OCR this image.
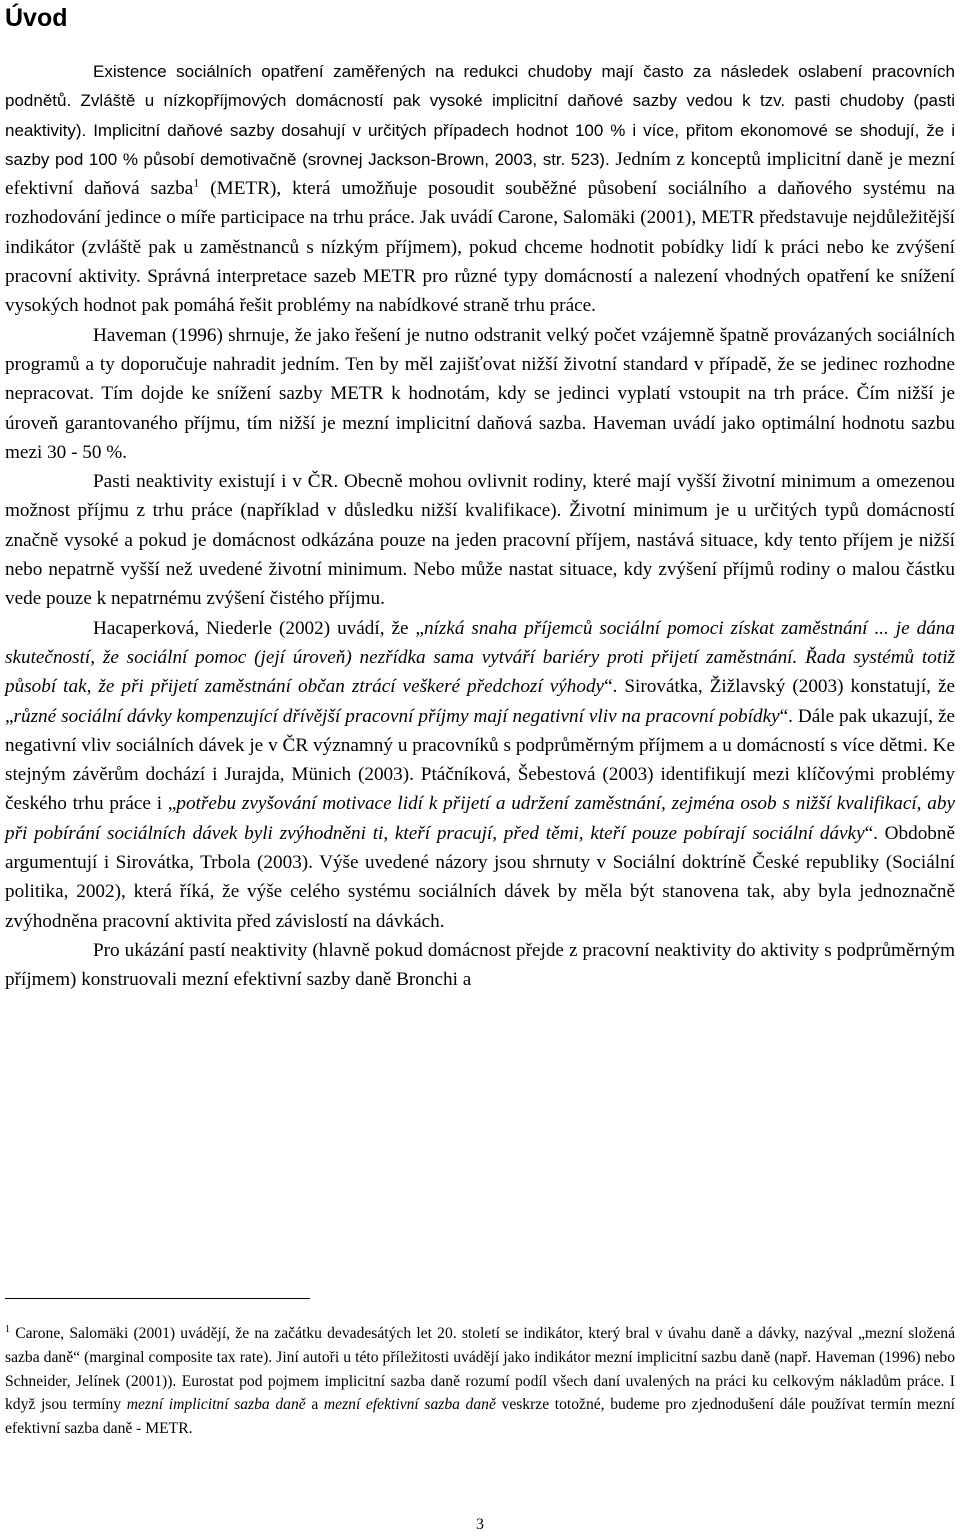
Úvod

Existence sociálních opatření zaměřených na redukci chudoby mají často za následek oslabení pracovních podnětů. Zvláště u nízkopříjmových domácností pak vysoké implicitní daňové sazby vedou k tzv. pasti chudoby (pasti neaktivity). Implicitní daňové sazby dosahují v určitých případech hodnot 100 % i více, přitom ekonomové se shodují, že i sazby pod 100 % působí demotivačně (srovnej Jackson-Brown, 2003, str. 523). Jedním z konceptů implicitní daně je mezní efektivní daňová sazba$^1$ (METR), která umožňuje posoudit souběžné působení sociálního a daňového systému na rozhodování jedince o míře participace na trhu práce. Jak uvádí Carone, Salomäki (2001), METR představuje nejdůležitější indikátor (zvláště pak u zaměstnanců s nízkým příjmem), pokud chceme hodnotit pobídky lidí k práci nebo ke zvýšení pracovní aktivity. Správná interpretace sazeb METR pro různé typy domácností a nalezení vhodných opatření ke snížení vysokých hodnot pak pomáhá řešit problémy na nabídkové straně trhu práce.

Haveman (1996) shrnuje, že jako řešení je nutno odstranit velký počet vzájemně špatně provázaných sociálních programů a ty doporučuje nahradit jedním. Ten by měl zajišťovat nižší životní standard v případě, že se jedinec rozhodne nepracovat. Tím dojde ke snížení sazby METR k hodnotám, kdy se jedinci vyplatí vstoupit na trh práce. Čím nižší je úroveň garantovaného příjmu, tím nižší je mezní implicitní daňová sazba. Haveman uvádí jako optimální hodnotu sazbu mezi 30 - 50 %.

Pasti neaktivity existují i v ČR. Obecně mohou ovlivnit rodiny, které mají vyšší životní minimum a omezenou možnost příjmu z trhu práce (například v důsledku nižší kvalifikace). Životní minimum je u určitých typů domácností značně vysoké a pokud je domácnost odkázána pouze na jeden pracovní příjem, nastává situace, kdy tento příjem je nižší nebo nepatrně vyšší než uvedené životní minimum. Nebo může nastat situace, kdy zvýšení příjmů rodiny o malou částku vede pouze k nepatrnému zvýšení čistého příjmu.

Hacaperková, Niederle (2002) uvádí, že „nízká snaha příjemců sociální pomoci získat zaměstnání ... je dána skutečností, že sociální pomoc (její úroveň) nezřídka sama vytváří bariéry proti přijetí zaměstnání. Řada systémů totiž působí tak, že při přijetí zaměstnání občan ztrácí veškeré předchozí výhody“. Sirovátka, Žižlavský (2003) konstatují, že „různé sociální dávky kompenzující dřívější pracovní příjmy mají negativní vliv na pracovní pobídky“. Dále pak ukazují, že negativní vliv sociálních dávek je v ČR významný u pracovníků s podprůměrným příjmem a u domácností s více dětmi. Ke stejným závěrům dochází i Jurajda, Münich (2003). Ptáčníková, Šebestová (2003) identifikují mezi klíčovými problémy českého trhu práce i „potřebu zvyšování motivace lidí k přijetí a udržení zaměstnání, zejména osob s nižší kvalifikací, aby při pobírání sociálních dávek byli zvýhodněni ti, kteří pracují, před těmi, kteří pouze pobírají sociální dávky“. Obdobně argumentují i Sirovátka, Trbola (2003). Výše uvedené názory jsou shrnuty v Sociální doktríně České republiky (Sociální politika, 2002), která říká, že výše celého systému sociálních dávek by měla být stanovena tak, aby byla jednoznačně zvýhodněna pracovní aktivita před závislostí na dávkách.

Pro ukázání pastí neaktivity (hlavně pokud domácnost přejde z pracovní neaktivity do aktivity s podprůměrným příjmem) konstruovali mezní efektivní sazby daně Bronchi a

$^1$ Carone, Salomäki (2001) uvádějí, že na začátku devadesátých let 20. století se indikátor, který bral v úvahu daně a dávky, nazýval „mezní složená sazba daně“ (marginal composite tax rate). Jiní autoři u této příležitosti uvádějí jako indikátor mezní implicitní sazbu daně (např. Haveman (1996) nebo Schneider, Jelínek (2001)). Eurostat pod pojmem implicitní sazba daně rozumí podíl všech daní uvalených na práci ku celkovým nákladům práce. I když jsou termíny mezní implicitní sazba daně a mezní efektivní sazba daně veskrze totožné, budeme pro zjednodušení dále používat termín mezní efektivní sazba daně - METR.

3
